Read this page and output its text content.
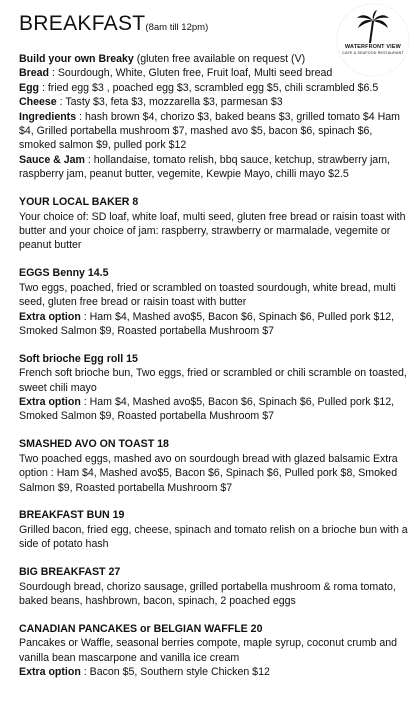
BREAKFAST(8am till 12pm)
WATERFRONT VIEW
CAFE & SEAFOOD RESTAURANT
Build your own Breaky (gluten free available on request (V)
Bread : Sourdough, White, Gluten free, Fruit loaf, Multi seed bread
Egg : fried egg $3 , poached egg $3, scrambled egg $5, chili scrambled $6.5
Cheese : Tasty $3, feta $3, mozzarella $3, parmesan $3
Ingredients : hash brown $4, chorizo $3, baked beans $3, grilled tomato $4 Ham $4, Grilled portabella mushroom $7, mashed avo $5, bacon $6, spinach $6, smoked salmon $9, pulled pork $12
Sauce & Jam : hollandaise, tomato relish, bbq sauce, ketchup, strawberry jam, raspberry jam, peanut butter, vegemite, Kewpie Mayo, chilli mayo $2.5
YOUR LOCAL BAKER 8
Your choice of: SD loaf, white loaf, multi seed, gluten free bread or raisin toast with butter and your choice of jam: raspberry, strawberry or marmalade, vegemite or peanut butter
EGGS Benny 14.5
Two eggs, poached, fried or scrambled on toasted sourdough, white bread, multi seed, gluten free bread or raisin toast with butter
Extra option : Ham $4, Mashed avo$5, Bacon $6, Spinach $6, Pulled pork $12, Smoked Salmon $9, Roasted portabella Mushroom $7
Soft brioche Egg roll 15
French soft brioche bun, Two eggs, fried or scrambled or chili scramble on toasted, sweet chili mayo
Extra option : Ham $4, Mashed avo$5, Bacon $6, Spinach $6, Pulled pork $12, Smoked Salmon $9, Roasted portabella Mushroom $7
SMASHED AVO ON TOAST 18
Two poached eggs, mashed avo on sourdough bread with glazed balsamic Extra option : Ham $4, Mashed avo$5, Bacon $6, Spinach $6, Pulled pork $8, Smoked Salmon $9, Roasted portabella Mushroom $7
BREAKFAST BUN 19
Grilled bacon, fried egg, cheese, spinach and tomato relish on a brioche bun with a side of potato hash
BIG BREAKFAST 27
Sourdough bread, chorizo sausage, grilled portabella mushroom & roma tomato, baked beans, hashbrown, bacon, spinach, 2 poached eggs
CANADIAN PANCAKES or BELGIAN WAFFLE 20
Pancakes or Waffle, seasonal berries compote, maple syrup, coconut crumb and vanilla bean mascarpone and vanilla ice cream
Extra option : Bacon $5, Southern style Chicken $12
